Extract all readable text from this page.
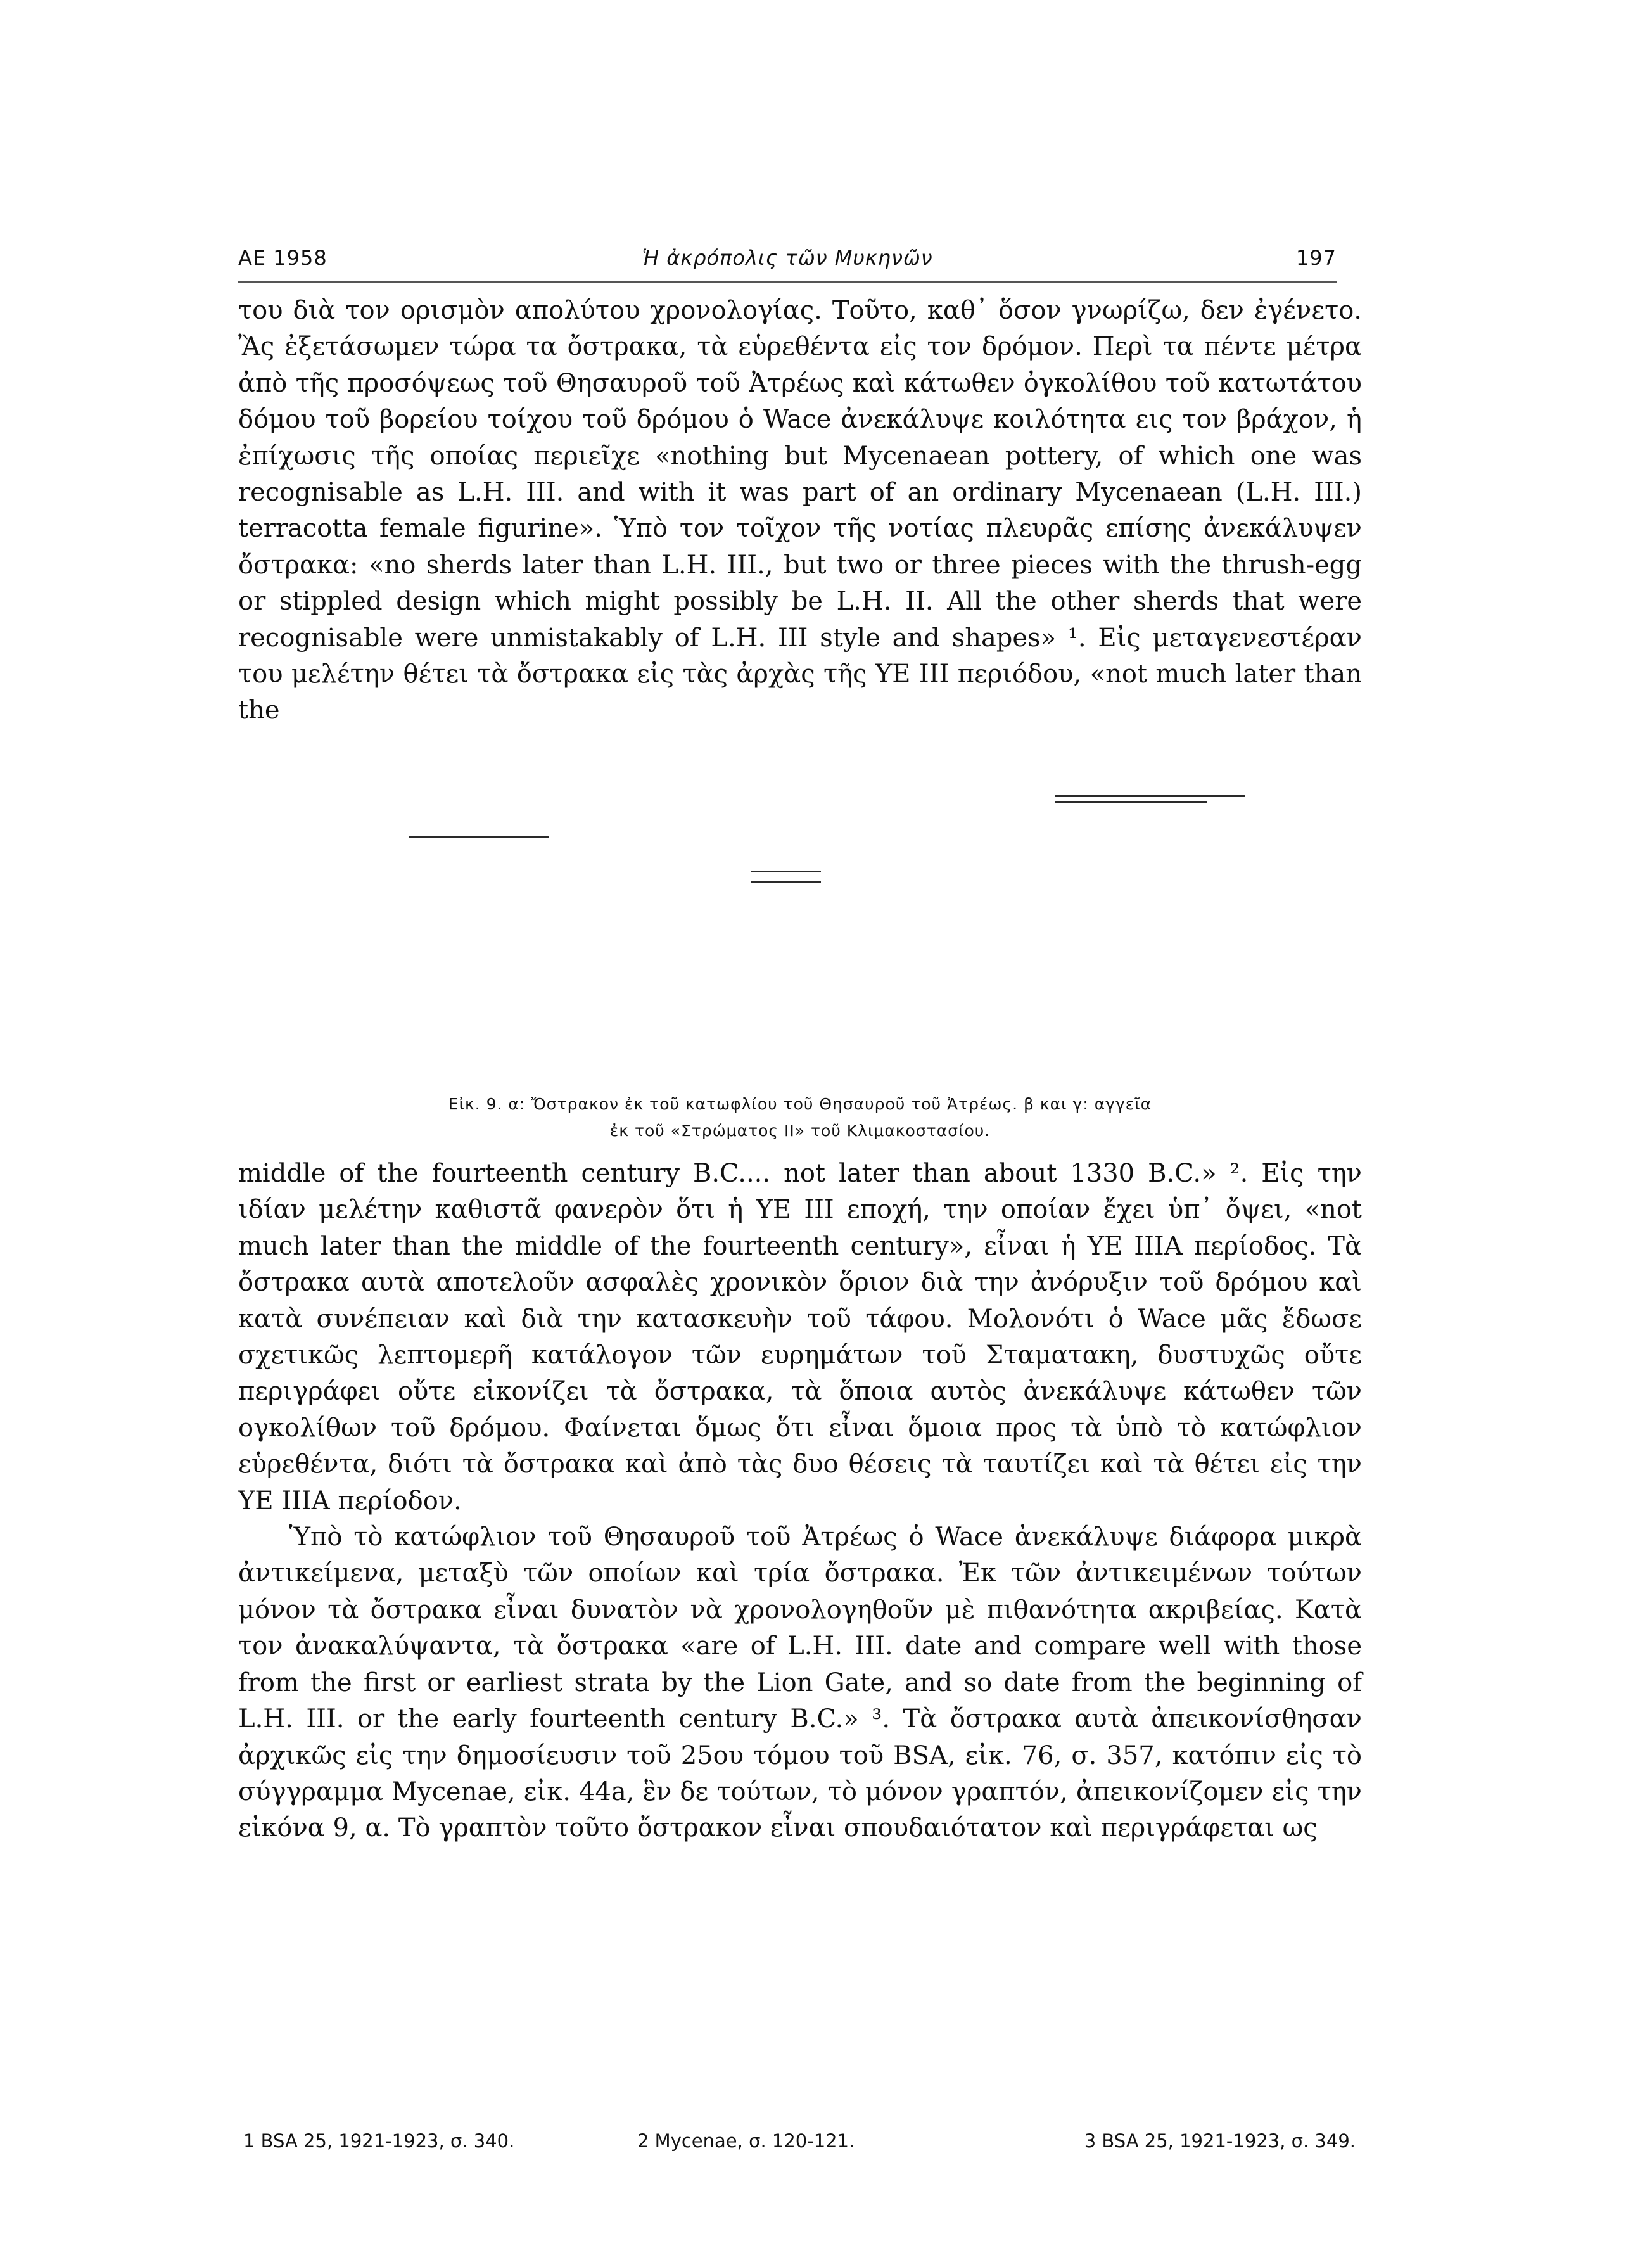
ΑΕ 1958	Ἡ ἀκρόπολις τῶν Μυκηνῶν	197

του διὰ τον ορισμὸν απολύτου χρονολογίας. Τοῦτο, καθ᾽ ὅσον γνωρίζω, δεν ἐγένετο. Ἂς ἐξετάσωμεν τώρα τα ὄστρακα, τὰ εὑρεθέντα εἰς τον δρόμον. Περὶ τα πέντε μέτρα ἀπὸ τῆς προσόψεως τοῦ Θησαυροῦ τοῦ Ἀτρέως καὶ κάτωθεν ὀγκολίθου τοῦ κατωτάτου δόμου τοῦ βορείου τοίχου τοῦ δρόμου ὁ Wace ἀνεκάλυψε κοιλότητα εις τον βράχον, ἡ ἐπίχωσις τῆς οποίας περιεῖχε «nothing but Mycenaean pottery, of which one was recognisable as L.H. III. and with it was part of an ordinary Mycenaean (L.H. III.) terracotta female figurine». Ὑπὸ τον τοῖχον τῆς νοτίας πλευρᾶς επίσης ἀνεκάλυψεν ὄστρακα: «no sherds later than L.H. III., but two or three pieces with the thrush-egg or stippled design which might possibly be L.H. II. All the other sherds that were recognisable were unmistakably of L.H. III style and shapes» ¹. Εἰς μεταγενεστέραν του μελέτην θέτει τὰ ὄστρακα εἰς τὰς ἀρχὰς τῆς ΥΕ ΙΙΙ περιόδου, «not much later than the

Εἰκ. 9. α: Ὄστρακον ἐκ τοῦ κατωφλίου τοῦ Θησαυροῦ τοῦ Ἀτρέως. β και γ: αγγεῖα
ἐκ τοῦ «Στρώματος ΙΙ» τοῦ Κλιμακοστασίου.

middle of the fourteenth century B.C.... not later than about 1330 B.C.» ². Εἰς την ιδίαν μελέτην καθιστᾶ φανερὸν ὅτι ἡ ΥΕ ΙΙΙ εποχή, την οποίαν ἔχει ὑπ᾽ ὄψει, «not much later than the middle of the fourteenth century», εἶναι ἡ ΥΕ ΙΙΙΑ περίοδος. Τὰ ὄστρακα αυτὰ αποτελοῦν ασφαλὲς χρονικὸν ὅριον διὰ την ἀνόρυξιν τοῦ δρόμου καὶ κατὰ συνέπειαν καὶ διὰ την κατασκευὴν τοῦ τάφου. Μολονότι ὁ Wace μᾶς ἔδωσε σχετικῶς λεπτομερῆ κατάλογον τῶν ευρημάτων τοῦ Σταματακη, δυστυχῶς οὔτε περιγράφει οὔτε εἰκονίζει τὰ ὄστρακα, τὰ ὅποια αυτὸς ἀνεκάλυψε κάτωθεν τῶν ογκολίθων τοῦ δρόμου. Φαίνεται ὅμως ὅτι εἶναι ὅμοια προς τὰ ὑπὸ τὸ κατώφλιον εὑρεθέντα, διότι τὰ ὄστρακα καὶ ἀπὸ τὰς δυο θέσεις τὰ ταυτίζει καὶ τὰ θέτει εἰς την ΥΕ ΙΙΙΑ περίοδον.

Ὑπὸ τὸ κατώφλιον τοῦ Θησαυροῦ τοῦ Ἀτρέως ὁ Wace ἀνεκάλυψε διάφορα μικρὰ ἀντικείμενα, μεταξὺ τῶν οποίων καὶ τρία ὄστρακα. Ἐκ τῶν ἀντικειμένων τούτων μόνον τὰ ὄστρακα εἶναι δυνατὸν νὰ χρονολογηθοῦν μὲ πιθανότητα ακριβείας. Κατὰ τον ἀνακαλύψαντα, τὰ ὄστρακα «are of L.H. III. date and compare well with those from the first or earliest strata by the Lion Gate, and so date from the beginning of L.H. III. or the early fourteenth century B.C.» ³. Τὰ ὄστρακα αυτὰ ἀπεικονίσθησαν ἀρχικῶς εἰς την δημοσίευσιν τοῦ 25ου τόμου τοῦ BSA, εἰκ. 76, σ. 357, κατόπιν εἰς τὸ σύγγραμμα Mycenae, εἰκ. 44a, ἓν δε τούτων, τὸ μόνον γραπτόν, ἀπεικονίζομεν εἰς την εἰκόνα 9, α. Τὸ γραπτὸν τοῦτο ὄστρακον εἶναι σπουδαιότατον καὶ περιγράφεται ως

1 BSA 25, 1921-1923, σ. 340.	2 Mycenae, σ. 120-121.	3 BSA 25, 1921-1923, σ. 349.
